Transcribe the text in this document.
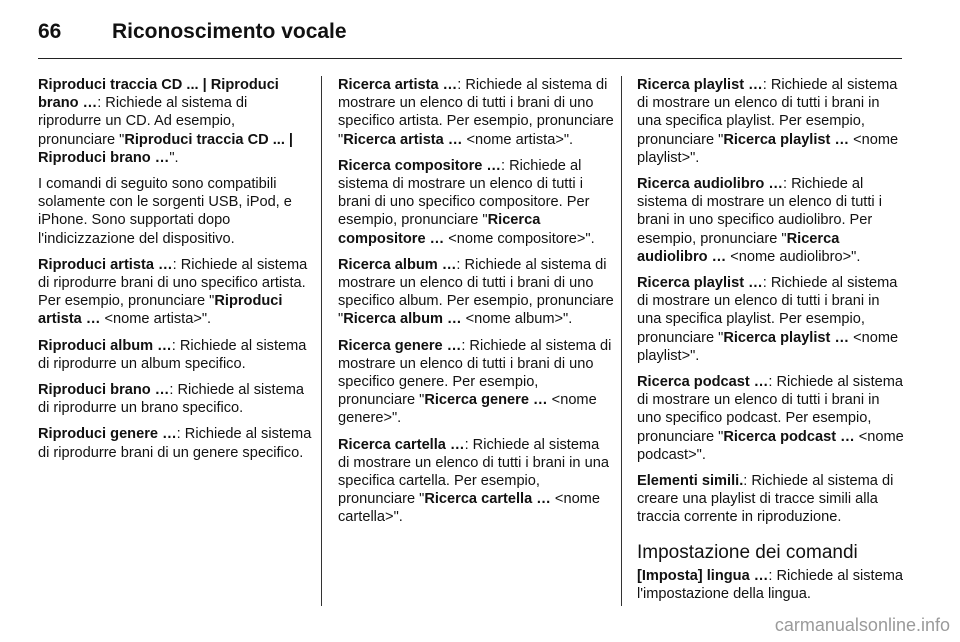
66 Riconoscimento vocale

Riproduci traccia CD ... | Riproduci brano …: Richiede al sistema di riprodurre un CD. Ad esempio, pronunciare "Riproduci traccia CD ... | Riproduci brano …".

I comandi di seguito sono compatibili solamente con le sorgenti USB, iPod, e iPhone. Sono supportati dopo l'indicizzazione del dispositivo.

Riproduci artista …: Richiede al sistema di riprodurre brani di uno specifico artista. Per esempio, pronunciare "Riproduci artista … <nome artista>".

Riproduci album …: Richiede al sistema di riprodurre un album specifico.

Riproduci brano …: Richiede al sistema di riprodurre un brano specifico.

Riproduci genere …: Richiede al sistema di riprodurre brani di un genere specifico.

Ricerca artista …: Richiede al sistema di mostrare un elenco di tutti i brani di uno specifico artista. Per esempio, pronunciare "Ricerca artista … <nome artista>".

Ricerca compositore …: Richiede al sistema di mostrare un elenco di tutti i brani di uno specifico compositore. Per esempio, pronunciare "Ricerca compositore … <nome compositore>".

Ricerca album …: Richiede al sistema di mostrare un elenco di tutti i brani di uno specifico album. Per esempio, pronunciare "Ricerca album … <nome album>".

Ricerca genere …: Richiede al sistema di mostrare un elenco di tutti i brani di uno specifico genere. Per esempio, pronunciare "Ricerca genere … <nome genere>".

Ricerca cartella …: Richiede al sistema di mostrare un elenco di tutti i brani in una specifica cartella. Per esempio, pronunciare "Ricerca cartella … <nome cartella>".

Ricerca playlist …: Richiede al sistema di mostrare un elenco di tutti i brani in una specifica playlist. Per esempio, pronunciare "Ricerca playlist … <nome playlist>".

Ricerca audiolibro …: Richiede al sistema di mostrare un elenco di tutti i brani in uno specifico audiolibro. Per esempio, pronunciare "Ricerca audiolibro … <nome audiolibro>".

Ricerca playlist …: Richiede al sistema di mostrare un elenco di tutti i brani in una specifica playlist. Per esempio, pronunciare "Ricerca playlist … <nome playlist>".

Ricerca podcast …: Richiede al sistema di mostrare un elenco di tutti i brani in uno specifico podcast. Per esempio, pronunciare "Ricerca podcast … <nome podcast>".

Elementi simili.: Richiede al sistema di creare una playlist di tracce simili alla traccia corrente in riproduzione.

Impostazione dei comandi

[Imposta] lingua …: Richiede al sistema l'impostazione della lingua.

carmanualsonline.info
